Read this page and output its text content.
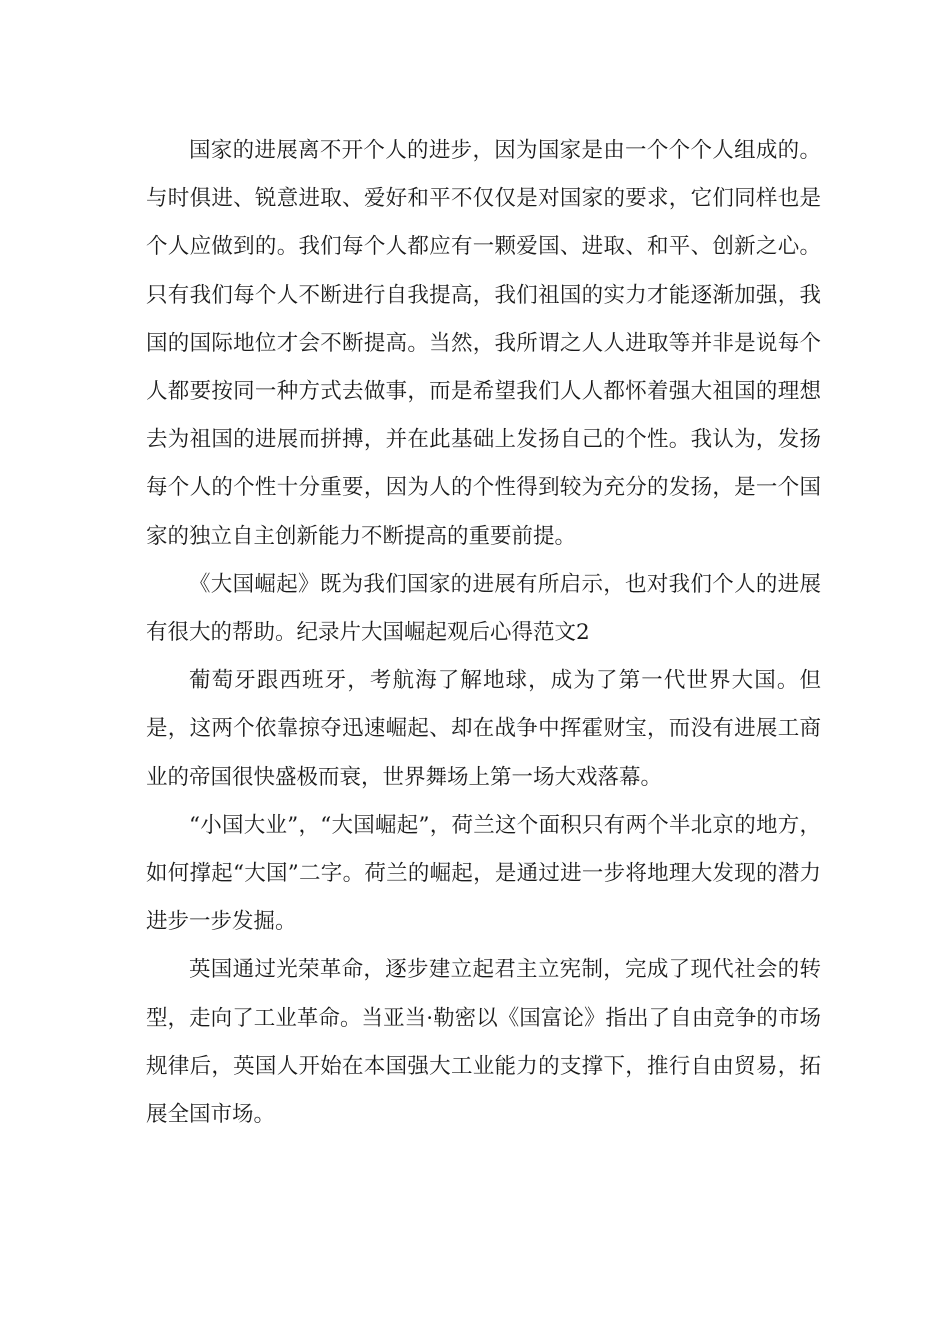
国家的进展离不开个人的进步，因为国家是由一个个个人组成的。与时俱进、锐意进取、爱好和平不仅仅是对国家的要求，它们同样也是个人应做到的。我们每个人都应有一颗爱国、进取、和平、创新之心。只有我们每个人不断进行自我提高，我们祖国的实力才能逐渐加强，我国的国际地位才会不断提高。当然，我所谓之人人进取等并非是说每个人都要按同一种方式去做事，而是希望我们人人都怀着强大祖国的理想去为祖国的进展而拼搏，并在此基础上发扬自己的个性。我认为，发扬每个人的个性十分重要，因为人的个性得到较为充分的发扬，是一个国家的独立自主创新能力不断提高的重要前提。

《大国崛起》既为我们国家的进展有所启示，也对我们个人的进展有很大的帮助。纪录片大国崛起观后心得范文2

葡萄牙跟西班牙，考航海了解地球，成为了第一代世界大国。但是，这两个依靠掠夺迅速崛起、却在战争中挥霍财宝，而没有进展工商业的帝国很快盛极而衰，世界舞场上第一场大戏落幕。

“小国大业”，“大国崛起”，荷兰这个面积只有两个半北京的地方，如何撑起“大国”二字。荷兰的崛起，是通过进一步将地理大发现的潜力进步一步发掘。

英国通过光荣革命，逐步建立起君主立宪制，完成了现代社会的转型，走向了工业革命。当亚当·勒密以《国富论》指出了自由竞争的市场规律后，英国人开始在本国强大工业能力的支撑下，推行自由贸易，拓展全国市场。
